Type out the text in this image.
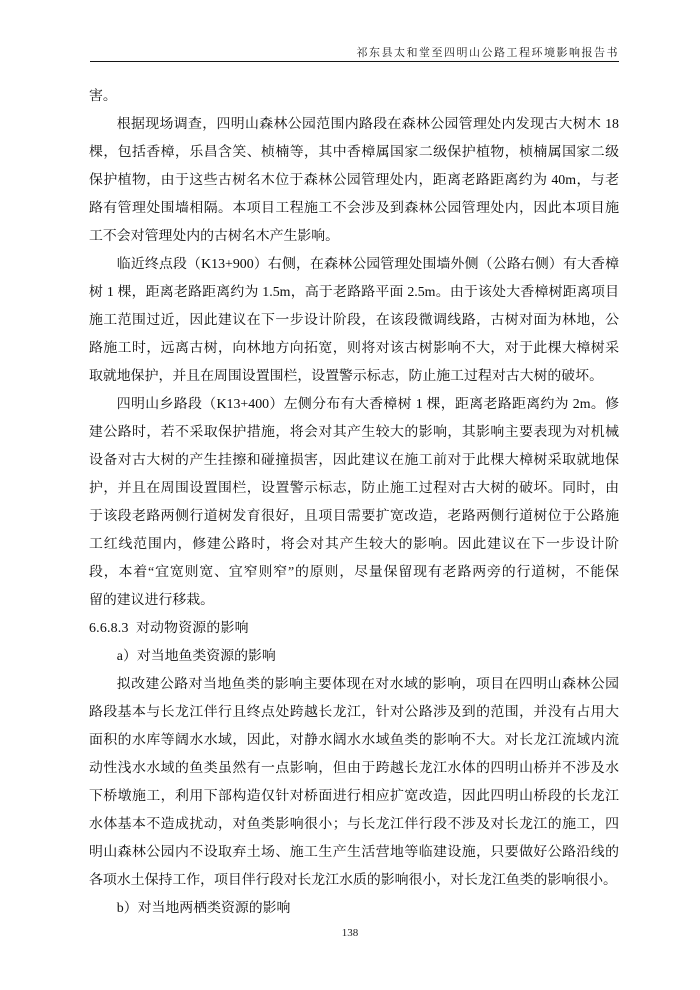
祁东县太和堂至四明山公路工程环境影响报告书
害。
根据现场调查，四明山森林公园范围内路段在森林公园管理处内发现古大树木 18
棵，包括香樟，乐昌含笑、桢楠等，其中香樟属国家二级保护植物，桢楠属国家二级
保护植物，由于这些古树名木位于森林公园管理处内，距离老路距离约为 40m，与老
路有管理处围墙相隔。本项目工程施工不会涉及到森林公园管理处内，因此本项目施
工不会对管理处内的古树名木产生影响。
临近终点段（K13+900）右侧，在森林公园管理处围墙外侧（公路右侧）有大香樟
树 1 棵，距离老路距离约为 1.5m，高于老路路平面 2.5m。由于该处大香樟树距离项目
施工范围过近，因此建议在下一步设计阶段，在该段微调线路，古树对面为林地，公
路施工时，远离古树，向林地方向拓宽，则将对该古树影响不大，对于此棵大樟树采
取就地保护，并且在周围设置围栏，设置警示标志，防止施工过程对古大树的破坏。
四明山乡路段（K13+400）左侧分布有大香樟树 1 棵，距离老路距离约为 2m。修
建公路时，若不采取保护措施，将会对其产生较大的影响，其影响主要表现为对机械
设备对古大树的产生挂擦和碰撞损害，因此建议在施工前对于此棵大樟树采取就地保
护，并且在周围设置围栏，设置警示标志，防止施工过程对古大树的破坏。同时，由
于该段老路两侧行道树发育很好，且项目需要扩宽改造，老路两侧行道树位于公路施
工红线范围内，修建公路时，将会对其产生较大的影响。因此建议在下一步设计阶
段，本着“宜宽则宽、宜窄则窄”的原则，尽量保留现有老路两旁的行道树，不能保
留的建议进行移栽。
6.6.8.3  对动物资源的影响
a）对当地鱼类资源的影响
拟改建公路对当地鱼类的影响主要体现在对水域的影响，项目在四明山森林公园
路段基本与长龙江伴行且终点处跨越长龙江，针对公路涉及到的范围，并没有占用大
面积的水库等阔水水域，因此，对静水阔水水域鱼类的影响不大。对长龙江流域内流
动性浅水水域的鱼类虽然有一点影响，但由于跨越长龙江水体的四明山桥并不涉及水
下桥墩施工，利用下部构造仅针对桥面进行相应扩宽改造，因此四明山桥段的长龙江
水体基本不造成扰动，对鱼类影响很小；与长龙江伴行段不涉及对长龙江的施工，四
明山森林公园内不设取弃土场、施工生产生活营地等临建设施，只要做好公路沿线的
各项水土保持工作，项目伴行段对长龙江水质的影响很小，对长龙江鱼类的影响很小。
b）对当地两栖类资源的影响
138
